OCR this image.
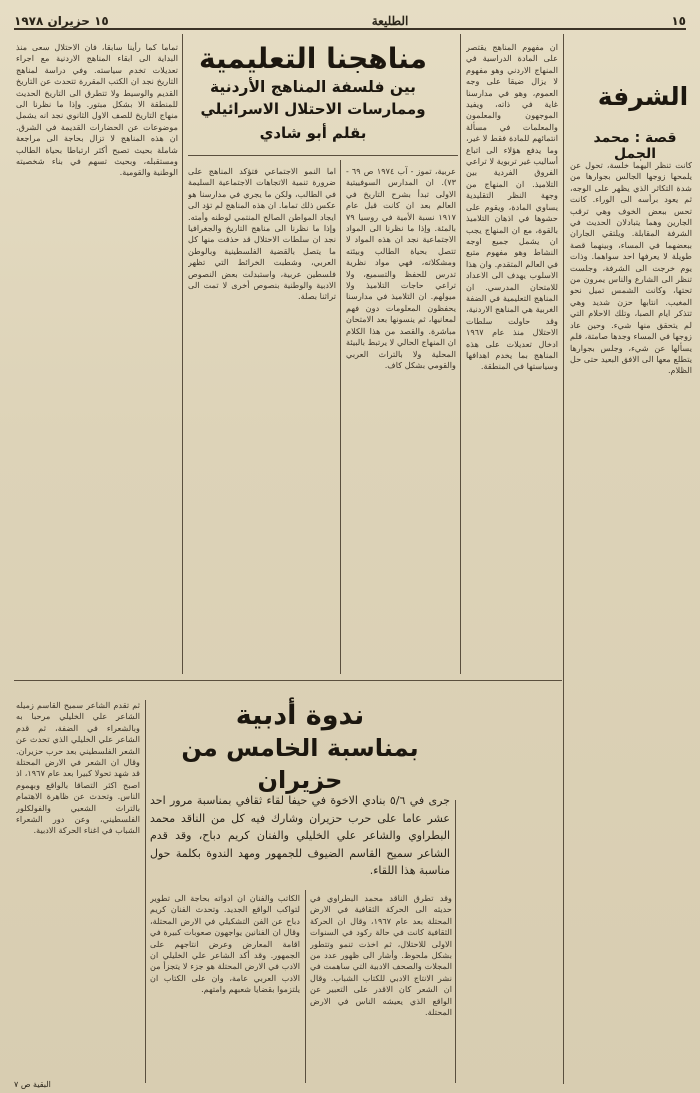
١٥ حزيران ١٩٧٨	الطليعة	١٥
الشرفة
قصة : محمد الجمل

كانت تنظر اليهما خلسة، تحول عن يلمحها زوجها الجالس بجوارها من شدة التكاثر الذي يظهر على الوجه، ثم يعود برأسه الى الوراء. كانت تحس ببعض الخوف وهي ترقب الجارين وهما يتبادلان الحديث في الشرفة المقابلة. ويلتقي الجاران ببعضهما في المساء، وبينهما قصة طويلة لا يعرفها احد سواهما. وذات يوم خرجت الى الشرفة، وجلست تنظر الى الشارع والناس يمرون من تحتها، وكانت الشمس تميل نحو المغيب. انتابها حزن شديد وهي تتذكر ايام الصبا، وتلك الاحلام التي لم يتحقق منها شيء. وحين عاد زوجها في المساء وجدها صامتة، فلم يسألها عن شيء، وجلس بجوارها يتطلع معها الى الافق البعيد حتى حل الظلام.

مناهجنا التعليمية
بين فلسفة المناهج الأردنية
وممارسات الاحتلال الاسرائيلي
بقلم أبو شادي

ان مفهوم المناهج يقتصر على المادة الدراسية في المنهاج الاردني وهو مفهوم لا يزال ضيقا على وجه العموم، وهو في مدارسنا غاية في ذاته، ويفيد الموجهون والمعلمون والمعلمات في مسألة انتمائهم للمادة فقط لا غير، وما يدفع هؤلاء الى اتباع أساليب غير تربوية لا تراعي الفروق الفردية بين التلاميذ. ان المنهاج من وجهة النظر التقليدية يساوي المادة، ويقوم على حشوها في اذهان التلاميذ بالقوة، مع ان المنهاج يجب ان يشمل جميع اوجه النشاط وهو مفهوم متبع في العالم المتقدم. وان هذا الاسلوب يهدف الى الاعداد للامتحان المدرسي. ان المناهج التعليمية في الضفة الغربية هي المناهج الاردنية، وقد حاولت سلطات الاحتلال منذ عام ١٩٦٧ ادخال تعديلات على هذه المناهج بما يخدم اهدافها وسياستها في المنطقة.

عربية، تموز - آب ١٩٧٤ ص ٦٩ - ٧٣). ان المدارس السوفييتية الاولى تبدأ بشرح التاريخ في العالم بعد ان كانت قبل عام ١٩١٧ نسبة الأمية في روسيا ٧٩ بالمئة. وإذا ما نظرنا الى المواد الاجتماعية نجد ان هذه المواد لا تتصل بحياة الطالب وبيئته ومشكلاته، فهي مواد نظرية تدرس للحفظ والتسميع، ولا تراعي حاجات التلاميذ ولا ميولهم. ان التلاميذ في مدارسنا يحفظون المعلومات دون فهم لمعانيها، ثم ينسونها بعد الامتحان مباشرة. والقصد من هذا الكلام ان المنهاج الحالي لا يرتبط بالبيئة المحلية ولا بالتراث العربي والقومي بشكل كاف.

اما النمو الاجتماعي فتؤكد المناهج على ضرورة تنمية الاتجاهات الاجتماعية السليمة في الطالب، ولكن ما يجري في مدارسنا هو عكس ذلك تماما. ان هذه المناهج لم تؤد الى ايجاد المواطن الصالح المنتمي لوطنه وأمته. وإذا ما نظرنا الى مناهج التاريخ والجغرافيا نجد ان سلطات الاحتلال قد حذفت منها كل ما يتصل بالقضية الفلسطينية وبالوطن العربي، وشطبت الخرائط التي تظهر فلسطين عربية، واستبدلت بعض النصوص الادبية والوطنية بنصوص أخرى لا تمت الى تراثنا بصلة.

تماما كما رأينا سابقا، فان الاحتلال سعى منذ البداية الى ابقاء المناهج الاردنية مع اجراء تعديلات تخدم سياسته. وفي دراسة لمناهج التاريخ نجد ان الكتب المقررة تتحدث عن التاريخ القديم والوسيط ولا تتطرق الى التاريخ الحديث للمنطقة الا بشكل مبتور. وإذا ما نظرنا الى منهاج التاريخ للصف الاول الثانوي نجد انه يشمل موضوعات عن الحضارات القديمة في الشرق. ان هذه المناهج لا تزال بحاجة الى مراجعة شاملة بحيث تصبح أكثر ارتباطا بحياة الطالب ومستقبله، وبحيث تسهم في بناء شخصيته الوطنية والقومية.

ندوة أدبية
بمناسبة الخامس من حزيران
جرى في ٥/٦ بنادي الاخوة في حيفا لقاء ثقافي بمناسبة مرور احد عشر عاما على حرب حزيران وشارك فيه كل من الناقد محمد البطراوي والشاعر علي الخليلي والفنان كريم دباح، وقد قدم الشاعر سميح القاسم الضيوف للجمهور ومهد الندوة بكلمة حول مناسبة هذا اللقاء.

وقد تطرق الناقد محمد البطراوي في حديثه الى الحركة الثقافية في الارض المحتلة بعد عام ١٩٦٧، وقال ان الحركة الثقافية كانت في حالة ركود في السنوات الاولى للاحتلال، ثم اخذت تنمو وتتطور بشكل ملحوظ. وأشار الى ظهور عدد من المجلات والصحف الادبية التي ساهمت في نشر الانتاج الادبي للكتاب الشباب. وقال ان الشعر كان الاقدر على التعبير عن الواقع الذي يعيشه الناس في الارض المحتلة.

الكاتب والفنان ان ادواته بحاجة الى تطوير لتواكب الواقع الجديد. وتحدث الفنان كريم دباح عن الفن التشكيلي في الارض المحتلة، وقال ان الفنانين يواجهون صعوبات كبيرة في اقامة المعارض وعرض انتاجهم على الجمهور. وقد أكد الشاعر علي الخليلي ان الادب في الارض المحتلة هو جزء لا يتجزأ من الادب العربي عامة، وان على الكتاب ان يلتزموا بقضايا شعبهم وامتهم.

ثم تقدم الشاعر سميح القاسم زميله الشاعر علي الخليلي مرحبا به وبالشعراء في الضفة، ثم قدم الشاعر علي الخليلي الذي تحدث عن الشعر الفلسطيني بعد حرب حزيران. وقال ان الشعر في الارض المحتلة قد شهد تحولا كبيرا بعد عام ١٩٦٧، اذ اصبح اكثر التصاقا بالواقع وبهموم الناس. وتحدث عن ظاهرة الاهتمام بالتراث الشعبي والفولكلور الفلسطيني، وعن دور الشعراء الشباب في اغناء الحركة الادبية.

البقية ص ٧
